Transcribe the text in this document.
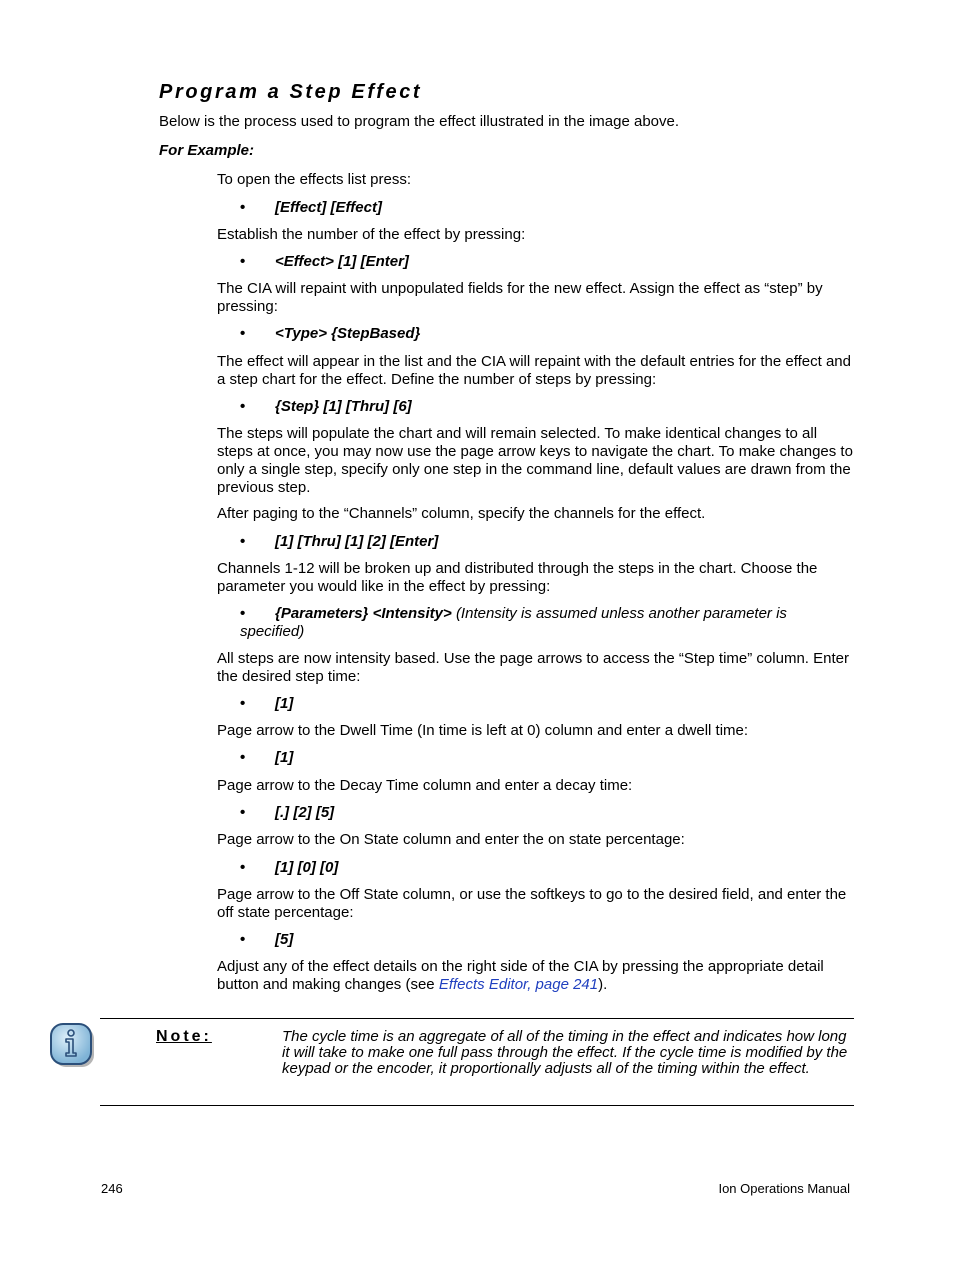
Program a Step Effect

Below is the process used to program the effect illustrated in the image above.

For Example:

To open the effects list press:

• [Effect] [Effect]

Establish the number of the effect by pressing:

• <Effect> [1] [Enter]

The CIA will repaint with unpopulated fields for the new effect. Assign the effect as “step” by pressing:

• <Type> {StepBased}

The effect will appear in the list and the CIA will repaint with the default entries for the effect and a step chart for the effect. Define the number of steps by pressing:

• {Step} [1] [Thru] [6]

The steps will populate the chart and will remain selected. To make identical changes to all steps at once, you may now use the page arrow keys to navigate the chart. To make changes to only a single step, specify only one step in the command line, default values are drawn from the previous step.

After paging to the “Channels” column, specify the channels for the effect.

• [1] [Thru] [1] [2] [Enter]

Channels 1-12 will be broken up and distributed through the steps in the chart. Choose the parameter you would like in the effect by pressing:

• {Parameters} <Intensity> (Intensity is assumed unless another parameter is specified)

All steps are now intensity based. Use the page arrows to access the “Step time” column. Enter the desired step time:

• [1]

Page arrow to the Dwell Time (In time is left at 0) column and enter a dwell time:

• [1]

Page arrow to the Decay Time column and enter a decay time:

• [.] [2] [5]

Page arrow to the On State column and enter the on state percentage:

• [1] [0] [0]

Page arrow to the Off State column, or use the softkeys to go to the desired field, and enter the off state percentage:

• [5]

Adjust any of the effect details on the right side of the CIA by pressing the appropriate detail button and making changes (see Effects Editor, page 241).

Note:	The cycle time is an aggregate of all of the timing in the effect and indicates how long it will take to make one full pass through the effect. If the cycle time is modified by the keypad or the encoder, it proportionally adjusts all of the timing within the effect.

246	Ion Operations Manual
